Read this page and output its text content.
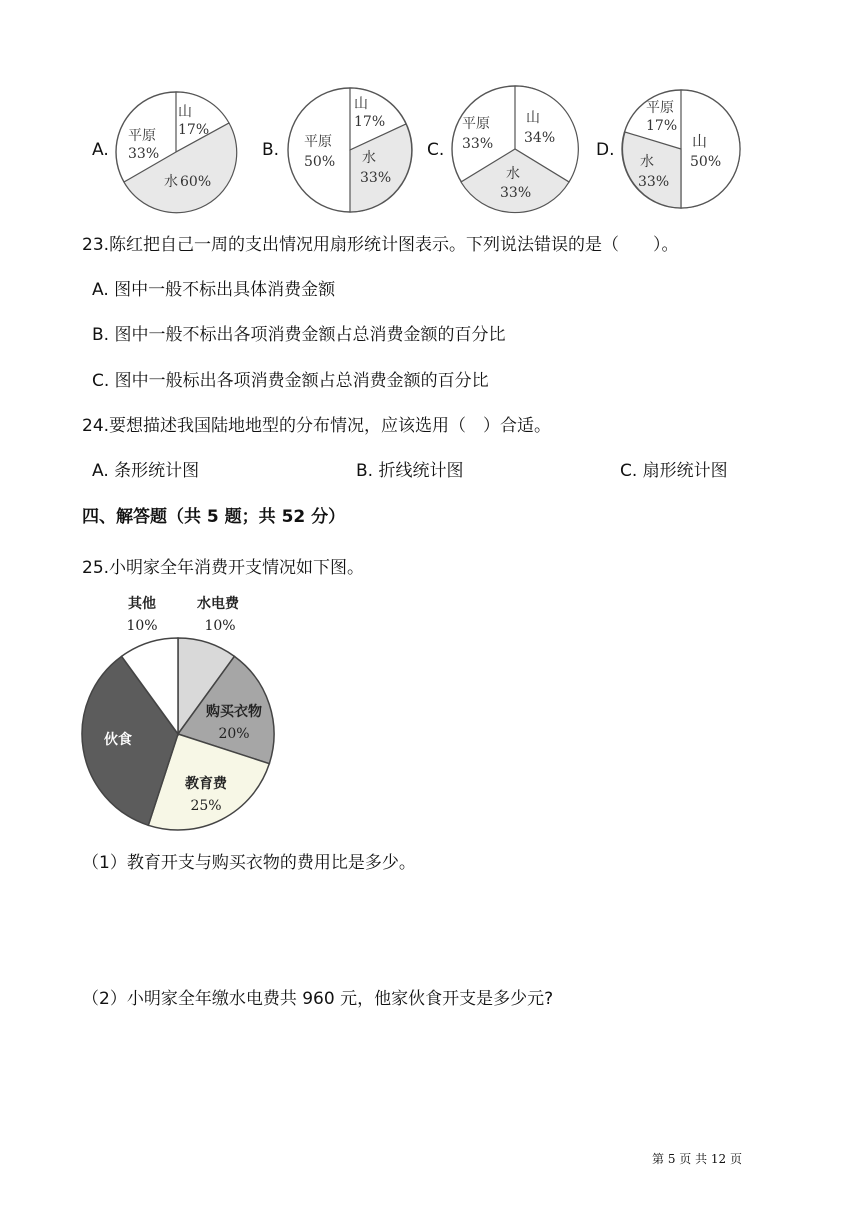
A.
山
17%
平原
33%
水 60%
B.
山
17%
平原
50% 水
33%
C.
山
34%
平原
33%
水
33%
D.
平原
17%
山
50%
水
33%
23.陈红把自己一周的支出情况用扇形统计图表示。下列说法错误的是（　　）。
A. 图中一般不标出具体消费金额
B. 图中一般不标出各项消费金额占总消费金额的百分比
C. 图中一般标出各项消费金额占总消费金额的百分比
24.要想描述我国陆地地型的分布情况，应该选用（　）合适。
A. 条形统计图	B. 折线统计图	C. 扇形统计图
四、解答题（共 5 题；共 52 分）
25.小明家全年消费开支情况如下图。
水电费
10%
购买衣物
20%
教育费
25%
伙食
其他
10%
（1）教育开支与购买衣物的费用比是多少。
（2）小明家全年缴水电费共 960 元，他家伙食开支是多少元?
第 5 页 共 12 页
